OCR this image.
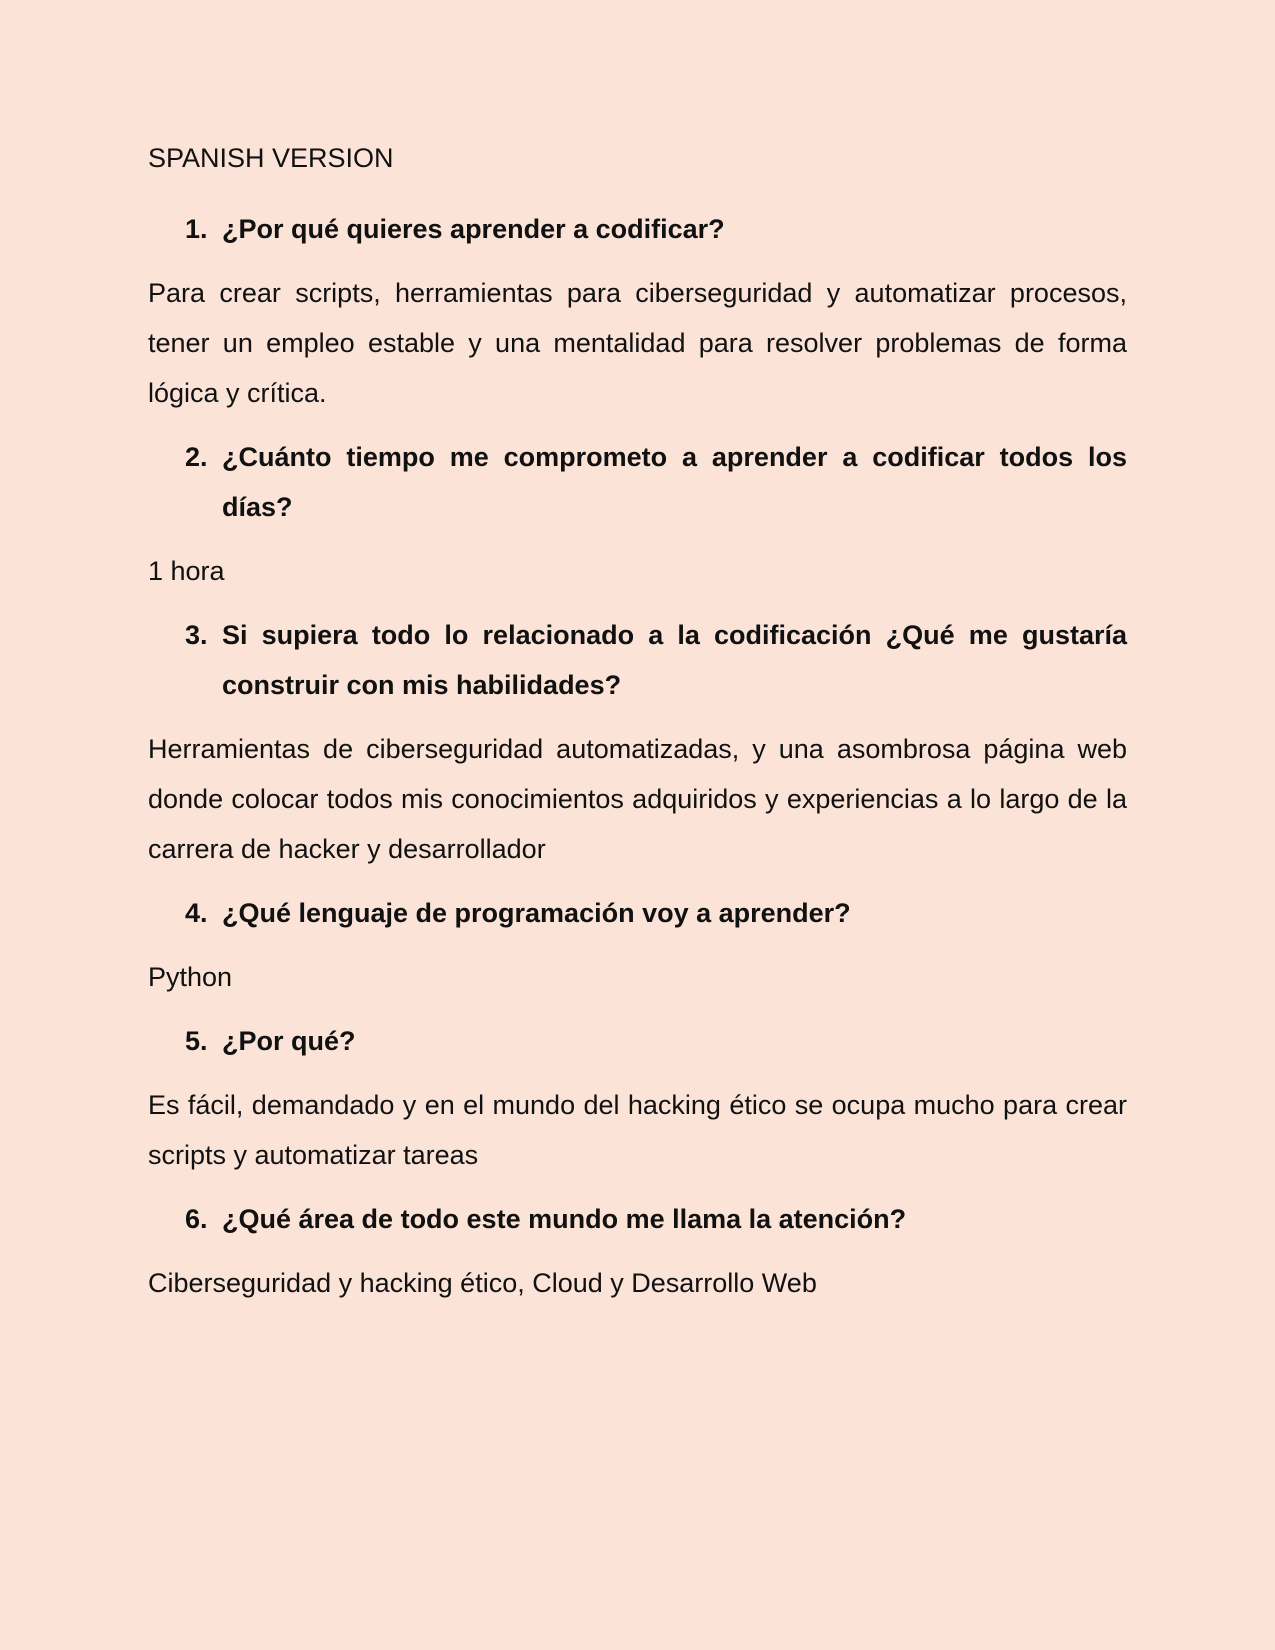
SPANISH VERSION
1. ¿Por qué quieres aprender a codificar?

Para crear scripts, herramientas para ciberseguridad y automatizar procesos, tener un empleo estable y una mentalidad para resolver problemas de forma lógica y crítica.

2. ¿Cuánto tiempo me comprometo a aprender a codificar todos los días?

1 hora

3. Si supiera todo lo relacionado a la codificación ¿Qué me gustaría construir con mis habilidades?

Herramientas de ciberseguridad automatizadas, y una asombrosa página web donde colocar todos mis conocimientos adquiridos y experiencias a lo largo de la carrera de hacker y desarrollador

4. ¿Qué lenguaje de programación voy a aprender?

Python

5. ¿Por qué?

Es fácil, demandado y en el mundo del hacking ético se ocupa mucho para crear scripts y automatizar tareas

6. ¿Qué área de todo este mundo me llama la atención?

Ciberseguridad y hacking ético, Cloud y Desarrollo Web
